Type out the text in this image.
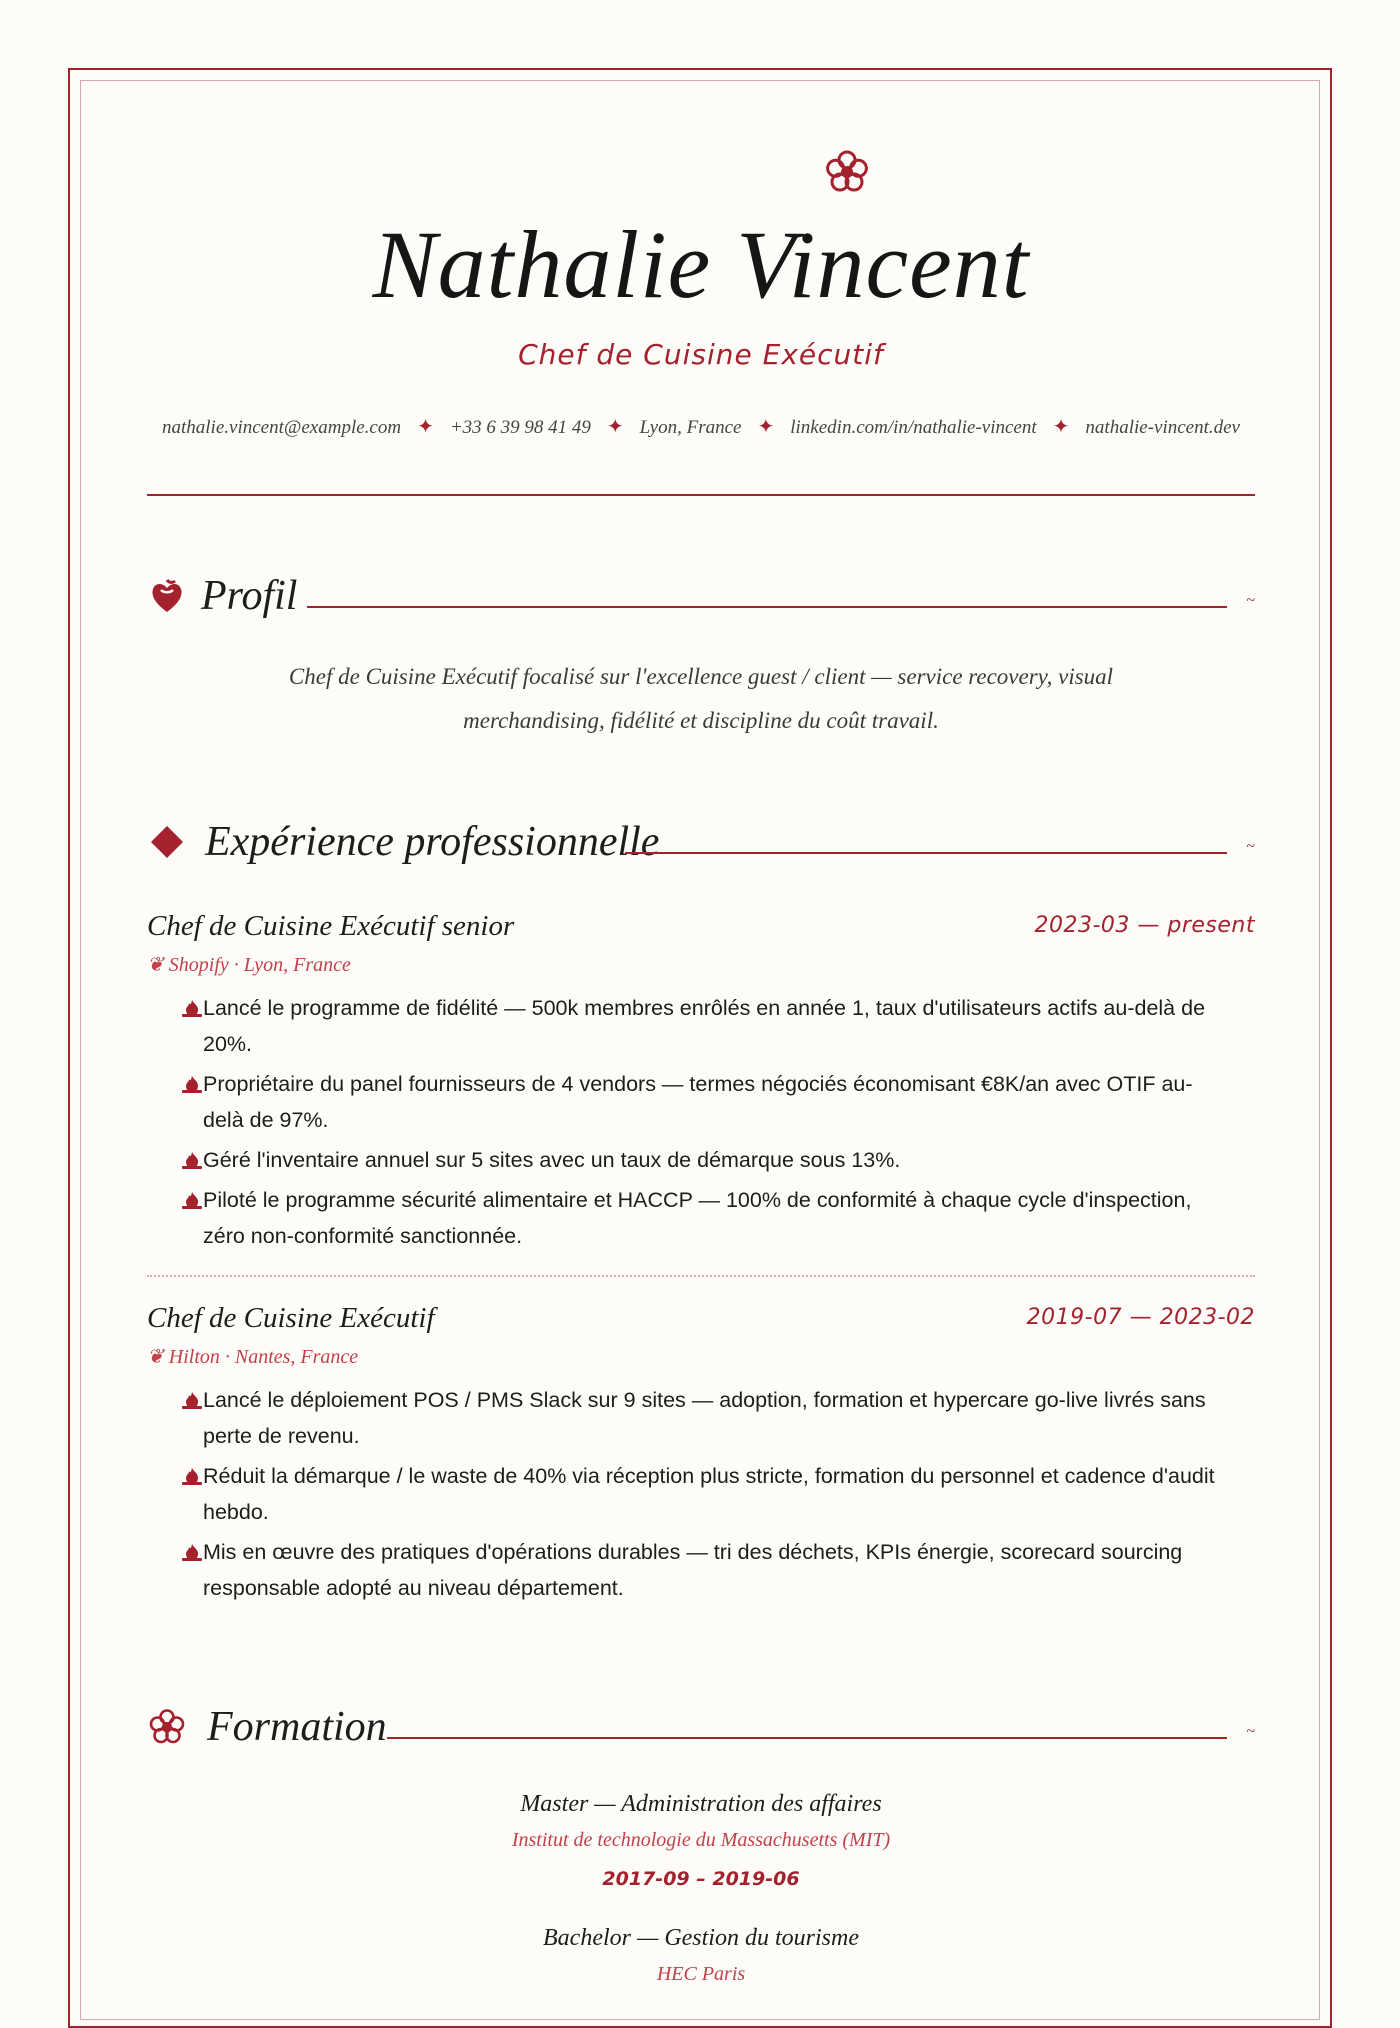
Nathalie Vincent
Chef de Cuisine Exécutif
nathalie.vincent@example.com ✦ +33 6 39 98 41 49 ✦ Lyon, France ✦ linkedin.com/in/nathalie-vincent ✦ nathalie-vincent.dev
Profil	~
Chef de Cuisine Exécutif focalisé sur l'excellence guest / client — service recovery, visual merchandising, fidélité et discipline du coût travail.
Expérience professionnelle	~
Chef de Cuisine Exécutif senior	2023-03 — present
❦ Shopify · Lyon, France
Lancé le programme de fidélité — 500k membres enrôlés en année 1, taux d'utilisateurs actifs au-delà de 20%.
Propriétaire du panel fournisseurs de 4 vendors — termes négociés économisant €8K/an avec OTIF au-delà de 97%.
Géré l'inventaire annuel sur 5 sites avec un taux de démarque sous 13%.
Piloté le programme sécurité alimentaire et HACCP — 100% de conformité à chaque cycle d'inspection, zéro non-conformité sanctionnée.
Chef de Cuisine Exécutif	2019-07 — 2023-02
❦ Hilton · Nantes, France
Lancé le déploiement POS / PMS Slack sur 9 sites — adoption, formation et hypercare go-live livrés sans perte de revenu.
Réduit la démarque / le waste de 40% via réception plus stricte, formation du personnel et cadence d'audit hebdo.
Mis en œuvre des pratiques d'opérations durables — tri des déchets, KPIs énergie, scorecard sourcing responsable adopté au niveau département.
Formation	~
Master — Administration des affaires
Institut de technologie du Massachusetts (MIT)
2017-09 – 2019-06
Bachelor — Gestion du tourisme
HEC Paris
